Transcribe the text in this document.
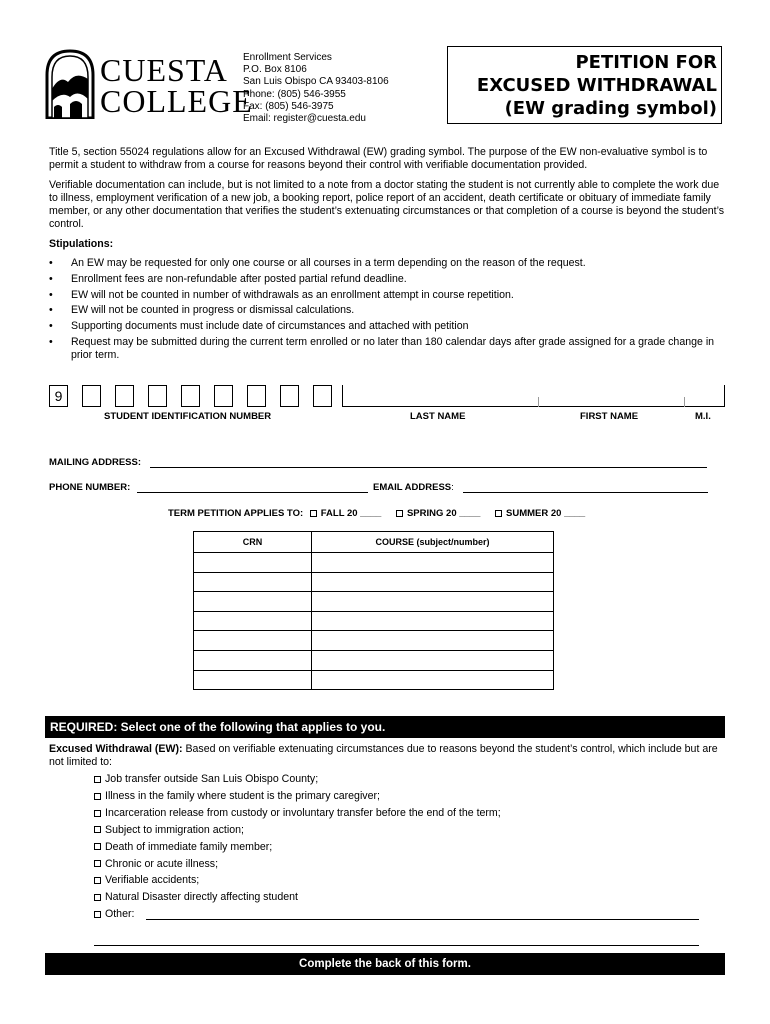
CUESTA
COLLEGE
Enrollment Services
P.O. Box 8106
San Luis Obispo CA 93403-8106
Phone: (805) 546-3955
Fax: (805) 546-3975
Email: register@cuesta.edu
PETITION FOR
EXCUSED WITHDRAWAL
(EW grading symbol)
Title 5, section 55024 regulations allow for an Excused Withdrawal (EW) grading symbol. The purpose of the EW non-evaluative symbol is to permit a student to withdraw from a course for reasons beyond their control with verifiable documentation provided.
Verifiable documentation can include, but is not limited to a note from a doctor stating the student is not currently able to complete the work due to illness, employment verification of a new job, a booking report, police report of an accident, death certificate or obituary of immediate family member, or any other documentation that verifies the student’s extenuating circumstances or that completion of a course is beyond the student’s control.
Stipulations:
• An EW may be requested for only one course or all courses in a term depending on the reason of the request.
• Enrollment fees are non-refundable after posted partial refund deadline.
• EW will not be counted in number of withdrawals as an enrollment attempt in course repetition.
• EW will not be counted in progress or dismissal calculations.
• Supporting documents must include date of circumstances and attached with petition
• Request may be submitted during the current term enrolled or no later than 180 calendar days after grade assigned for a grade change in prior term.
9
STUDENT IDENTIFICATION NUMBER	LAST NAME	FIRST NAME	M.I.
MAILING ADDRESS:
PHONE NUMBER:	EMAIL ADDRESS:
TERM PETITION APPLIES TO: FALL 20 ____	SPRING 20 ____	SUMMER 20 ____
CRN	COURSE (subject/number)

REQUIRED: Select one of the following that applies to you.
Excused Withdrawal (EW): Based on verifiable extenuating circumstances due to reasons beyond the student’s control, which include but are not limited to:
Job transfer outside San Luis Obispo County;
Illness in the family where student is the primary caregiver;
Incarceration release from custody or involuntary transfer before the end of the term;
Subject to immigration action;
Death of immediate family member;
Chronic or acute illness;
Verifiable accidents;
Natural Disaster directly affecting student
Other:
Complete the back of this form.
